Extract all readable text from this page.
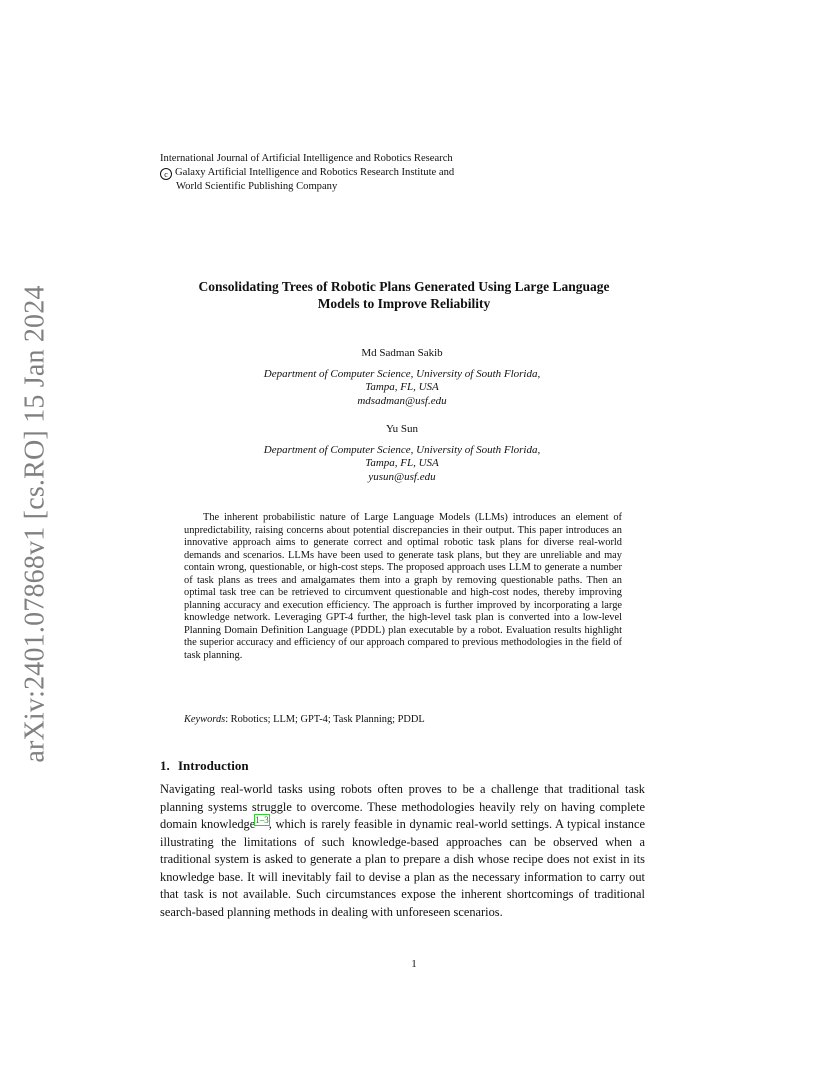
arXiv:2401.07868v1 [cs.RO] 15 Jan 2024
International Journal of Artificial Intelligence and Robotics Research
c Galaxy Artificial Intelligence and Robotics Research Institute and
World Scientific Publishing Company
Consolidating Trees of Robotic Plans Generated Using Large Language
Models to Improve Reliability
Md Sadman Sakib
Department of Computer Science, University of South Florida,
Tampa, FL, USA
mdsadman@usf.edu
Yu Sun
Department of Computer Science, University of South Florida,
Tampa, FL, USA
yusun@usf.edu

The inherent probabilistic nature of Large Language Models (LLMs) introduces an element of unpredictability, raising concerns about potential discrepancies in their output. This paper introduces an innovative approach aims to generate correct and optimal robotic task plans for diverse real-world demands and scenarios. LLMs have been used to generate task plans, but they are unreliable and may contain wrong, questionable, or high-cost steps. The proposed approach uses LLM to generate a number of task plans as trees and amalgamates them into a graph by removing questionable paths. Then an optimal task tree can be retrieved to circumvent questionable and high-cost nodes, thereby improving planning accuracy and execution efficiency. The approach is further improved by incorporating a large knowledge network. Leveraging GPT-4 further, the high-level task plan is converted into a low-level Planning Domain Definition Language (PDDL) plan executable by a robot. Evaluation results highlight the superior accuracy and efficiency of our approach compared to previous methodologies in the field of task planning.

Keywords: Robotics; LLM; GPT-4; Task Planning; PDDL
1. Introduction

Navigating real-world tasks using robots often proves to be a challenge that traditional task planning systems struggle to overcome. These methodologies heavily rely on having complete domain knowledge$^{1-3}$, which is rarely feasible in dynamic real-world settings. A typical instance illustrating the limitations of such knowledge-based approaches can be observed when a traditional system is asked to generate a plan to prepare a dish whose recipe does not exist in its knowledge base. It will inevitably fail to devise a plan as the necessary information to carry out that task is not available. Such circumstances expose the inherent shortcomings of traditional search-based planning methods in dealing with unforeseen scenarios.

1
